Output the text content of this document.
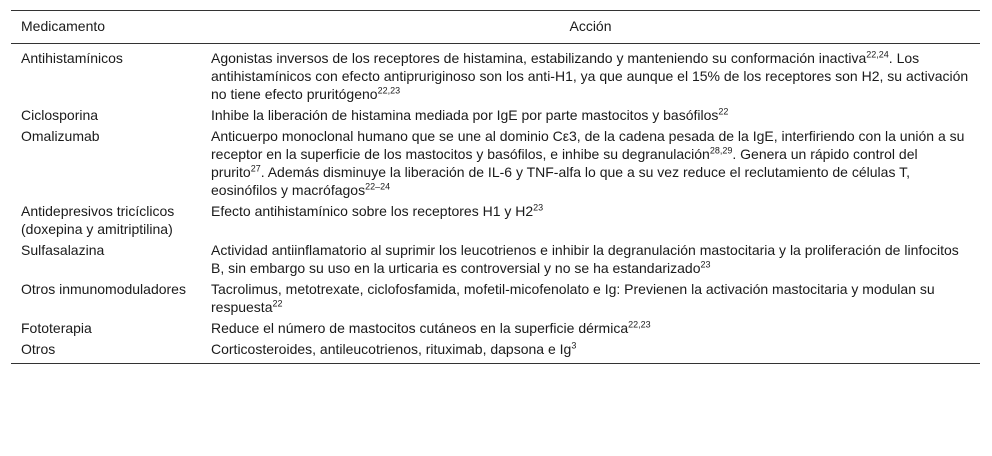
Medicamento	Acción
Antihistamínicos	Agonistas inversos de los receptores de histamina, estabilizando y manteniendo su conformación inactiva$^{22,24}$. Los antihistamínicos con efecto antipruriginoso son los anti-H1, ya que aunque el 15% de los receptores son H2, su activación no tiene efecto pruritógeno$^{22,23}$
Ciclosporina	Inhibe la liberación de histamina mediada por IgE por parte mastocitos y basófilos$^{22}$
Omalizumab	Anticuerpo monoclonal humano que se une al dominio Cε3, de la cadena pesada de la IgE, interfiriendo con la unión a su receptor en la superficie de los mastocitos y basófilos, e inhibe su degranulación$^{28,29}$. Genera un rápido control del prurito$^{27}$. Además disminuye la liberación de IL-6 y TNF-alfa lo que a su vez reduce el reclutamiento de células T, eosinófilos y macrófagos$^{22-24}$
Antidepresivos tricíclicos (doxepina y amitriptilina)	Efecto antihistamínico sobre los receptores H1 y $H2^{23}$
Sulfasalazina	Actividad antiinflamatorio al suprimir los leucotrienos e inhibir la degranulación mastocitaria y la proliferación de linfocitos B, sin embargo su uso en la urticaria es controversial y no se ha estandarizado$^{23}$
Otros inmunomoduladores	Tacrolimus, metotrexate, ciclofosfamida, mofetil-micofenolato e Ig: Previenen la activación mastocitaria y modulan su respuesta$^{22}$
Fototerapia	Reduce el número de mastocitos cutáneos en la superficie dérmica$^{22,23}$
Otros	Corticosteroides, antileucotrienos, rituximab, dapsona e Ig$^3$
